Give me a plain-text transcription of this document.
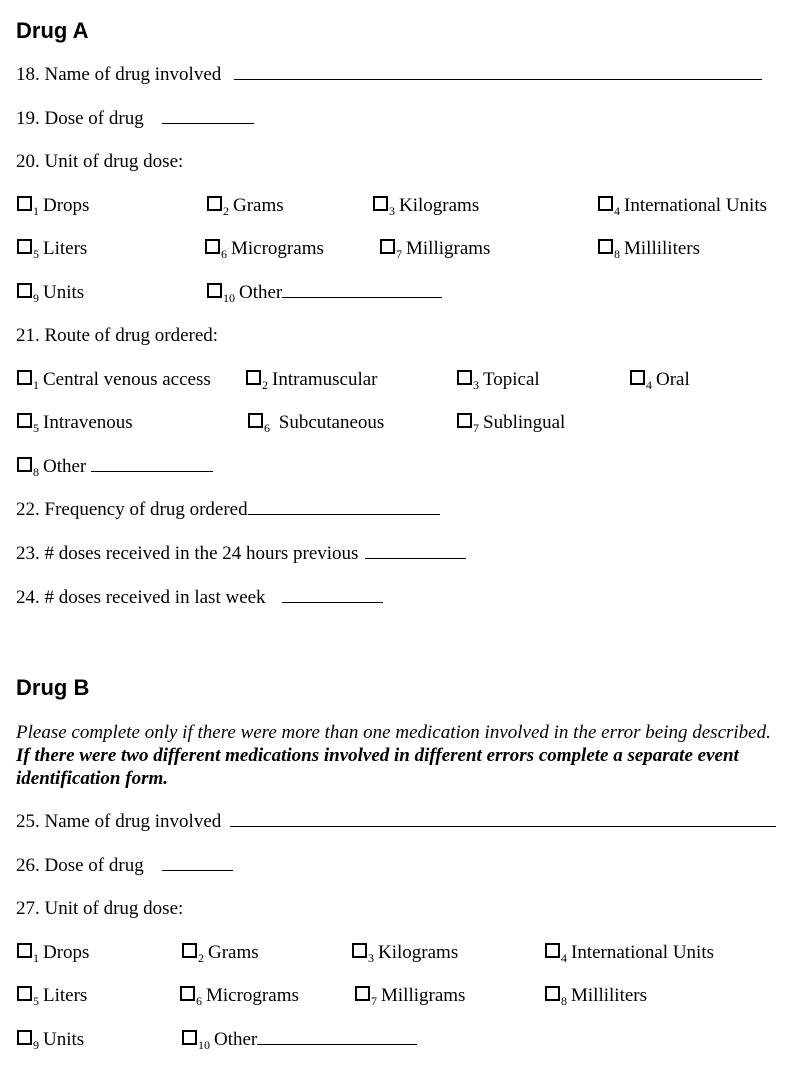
Drug A
18. Name of drug involved
19. Dose of drug
20. Unit of drug dose:
$_1$ Drops	$_2$ Grams	$_3$ Kilograms	$_4$ International Units
$_5$ Liters	$_6$ Micrograms	$_7$ Milligrams	$_8$ Milliliters
$_9$ Units	$_{10}$ Other
21. Route of drug ordered:
$_1$ Central venous access	$_2$ Intramuscular	$_3$ Topical	$_4$ Oral
$_5$ Intravenous	$_6$ Subcutaneous	$_7$ Sublingual
$_8$ Other
22. Frequency of drug ordered
23. # doses received in the 24 hours previous
24. # doses received in last week
Drug B
Please complete only if there were more than one medication involved in the error being described.  If there were two different medications involved in different errors complete a separate event identification form.
25. Name of drug involved
26. Dose of drug
27. Unit of drug dose:
$_1$ Drops	$_2$ Grams	$_3$ Kilograms	$_4$ International Units
$_5$ Liters	$_6$ Micrograms	$_7$ Milligrams	$_8$ Milliliters
$_9$ Units	$_{10}$ Other
